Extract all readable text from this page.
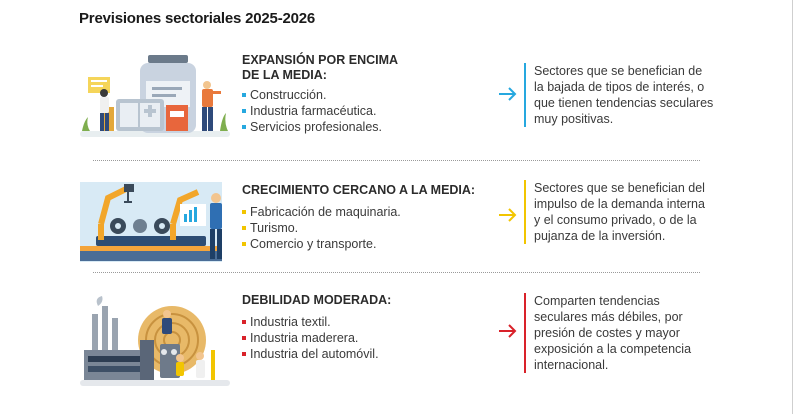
Previsiones sectoriales 2025-2026
EXPANSIÓN POR ENCIMA
DE LA MEDIA:
Construcción.
Industria farmacéutica.
Servicios profesionales.
Sectores que se benefician de la bajada de tipos de interés, o que tienen tendencias seculares muy positivas.
CRECIMIENTO CERCANO A LA MEDIA:
Fabricación de maquinaria.
Turismo.
Comercio y transporte.
Sectores que se benefician del impulso de la demanda interna y el consumo privado, o de la pujanza de la inversión.
DEBILIDAD MODERADA:
Industria textil.
Industria maderera.
Industria del automóvil.
Comparten tendencias seculares más débiles, por presión de costes y mayor exposición a la competencia internacional.
